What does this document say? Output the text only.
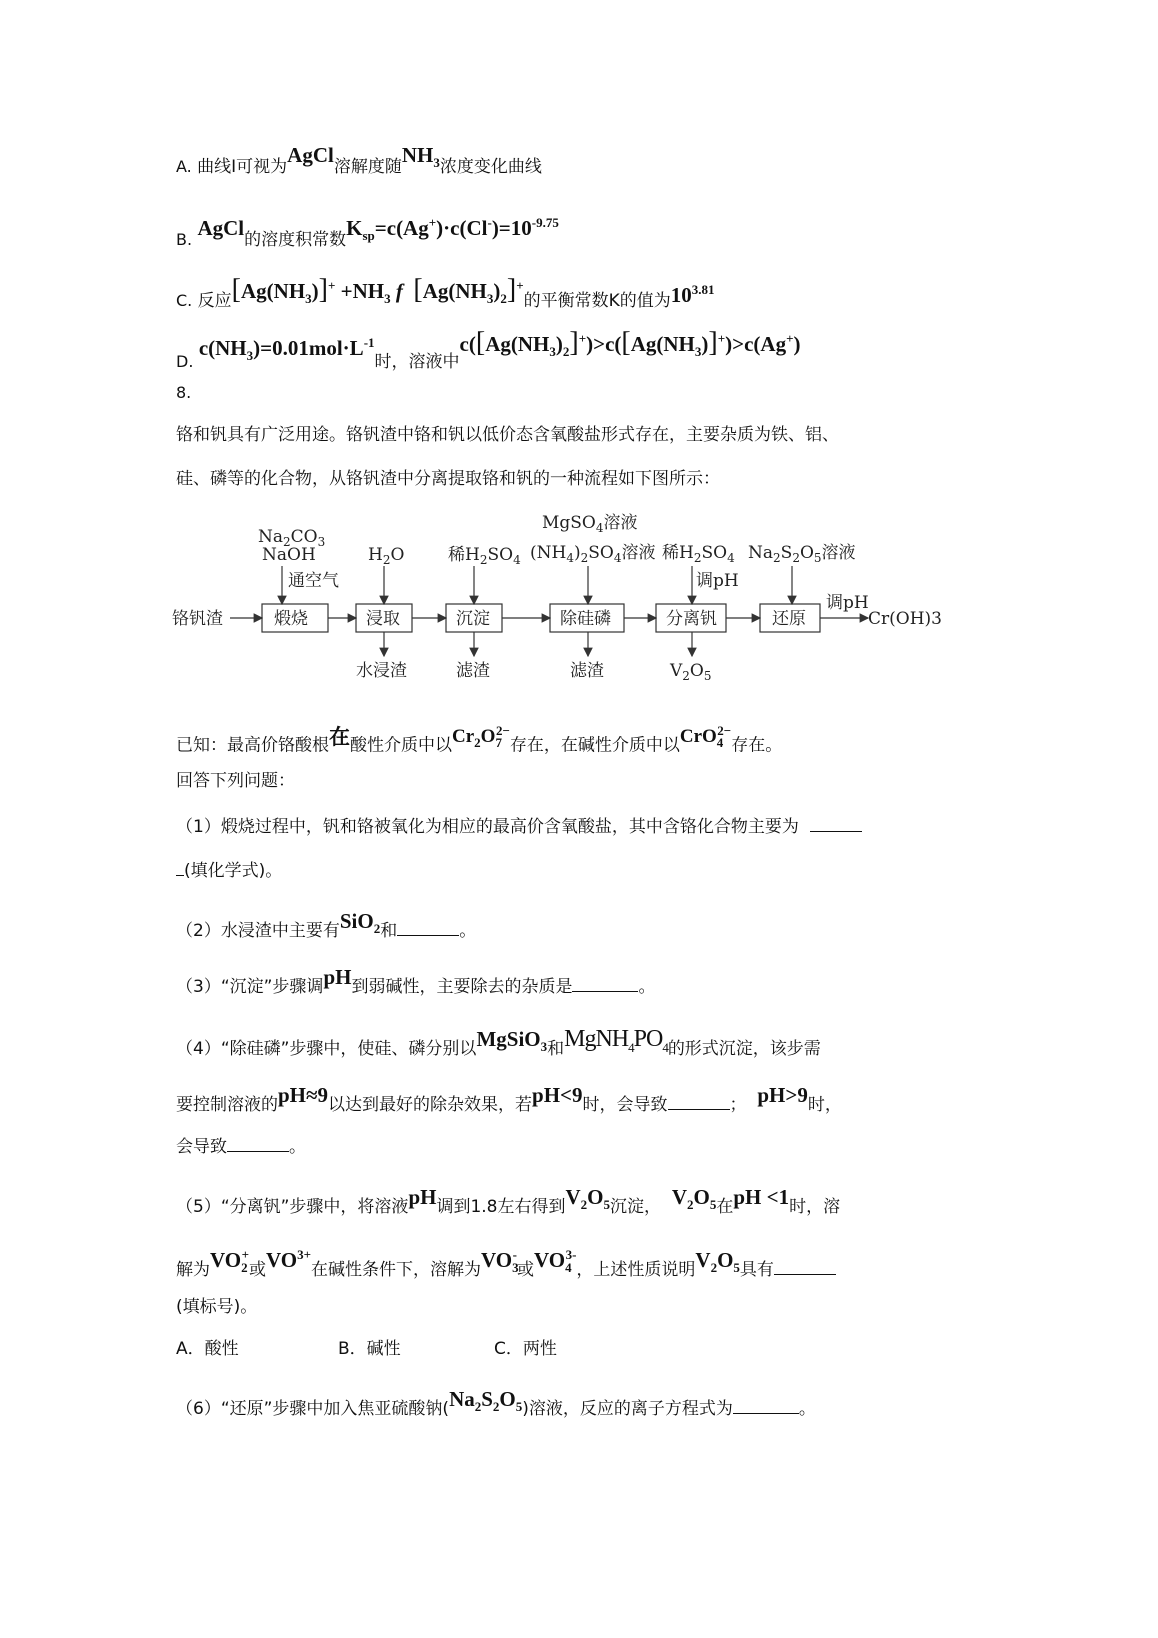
A. 曲线I可视为AgCl溶解度随$NH_3$浓度变化曲线
B. AgCl的溶度积常数$K_{sp}=c(Ag^+)\cdot c(Cl^-)=10^{-9.75}$
C. 反应$[Ag(NH_3)]^+ +NH_3$ f $[Ag(NH_3)_2]^+$的平衡常数K的值为$10^{3.81}$
D. $c(NH_3)=0.01mol\cdot L^{-1}$时，溶液中$c([Ag(NH_3)_2]^+)>c([Ag(NH_3)]^+)>c(Ag^+)$
8.
铬和钒具有广泛用途。铬钒渣中铬和钒以低价态含氧酸盐形式存在，主要杂质为铁、铝、
硅、磷等的化合物，从铬钒渣中分离提取铬和钒的一种流程如下图所示：
铬钒渣	煅烧	浸取	沉淀	除硅磷	分离钒	还原
调pH
Cr(OH)3
$Na_2CO_3$
NaOH
通空气
$H_2O$	稀$H_2SO_4$
MgSO$_4$溶液
$(NH_4)_2SO_4$溶液 稀$H_2SO_4$
调pH
$Na_2S_2O_5$溶液
水浸渣	滤渣	滤渣	$V_2O_5$
已知：最高价铬酸根在酸性介质中以$Cr_2O_7^{2-}$存在，在碱性介质中以CrO$_4^{2-}$存在。
回答下列问题：
（1）煅烧过程中，钒和铬被氧化为相应的最高价含氧酸盐，其中含铬化合物主要为
(填化学式)。
（2）水浸渣中主要有SiO$_2$和	。
（3）“沉淀”步骤调pH到弱碱性，主要除去的杂质是	。
（4）“除硅磷”步骤中，使硅、磷分别以MgSiO$_3$和$MgNH_4PO_4$的形式沉淀，该步需
要控制溶液的pH≈9以达到最好的除杂效果，若pH<9时，会导致	； pH>9时，
会导致	。
（5）“分离钒”步骤中，将溶液pH调到1.8左右得到$V_2O_5$沉淀， $V_2O_5$在pH <1时，溶
解为$VO_2^+$或$VO^{3+}$在碱性条件下，溶解为$VO_3^-$或$VO_4^{3-}$，上述性质说明$V_2O_5$具有
(填标号)。
A．酸性	B．碱性	C．两性
（6）“还原”步骤中加入焦亚硫酸钠$(Na_2S_2O_5)$溶液，反应的离子方程式为	。
